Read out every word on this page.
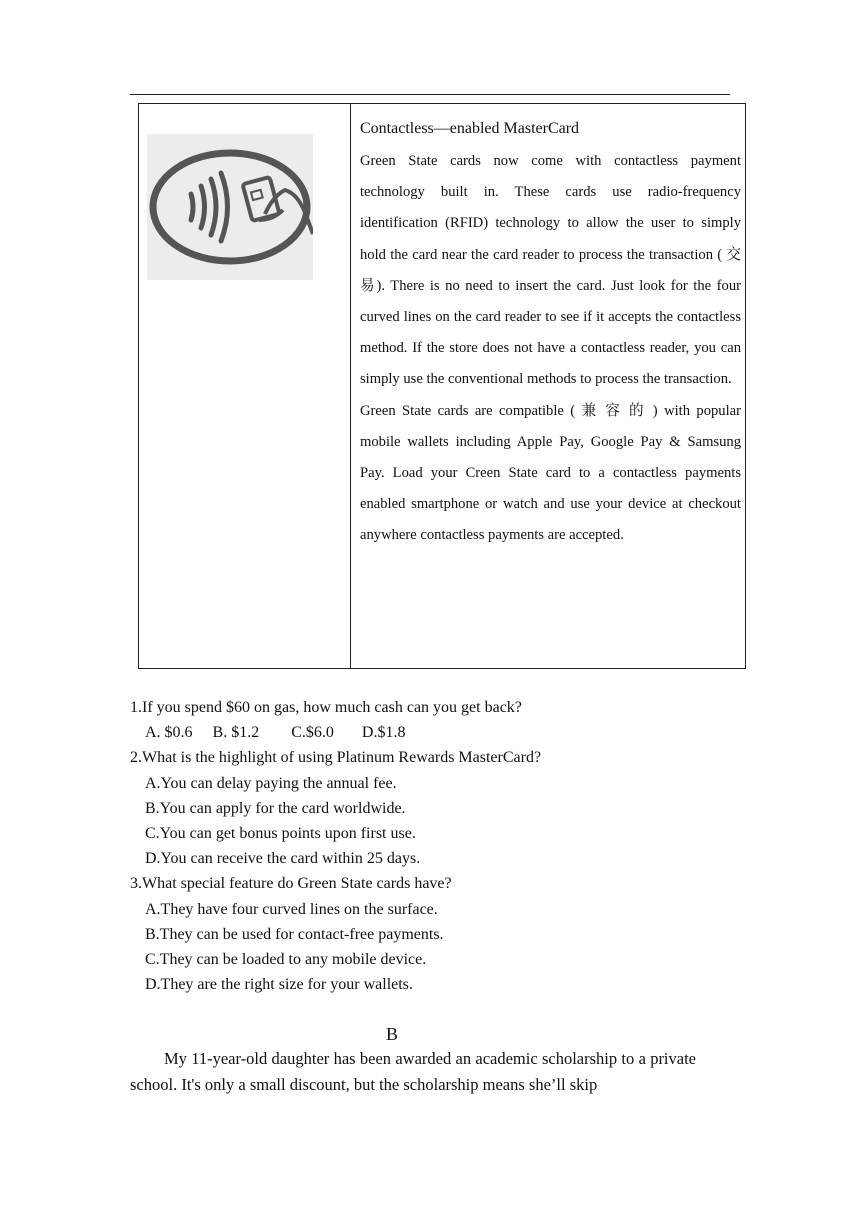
Contactless—enabled MasterCard

Green State cards now come with contactless payment technology built in. These cards use radio-frequency identification (RFID) technology to allow the user to simply hold the card near the card reader to process the transaction ( 交易). There is no need to insert the card. Just look for the four curved lines on the card reader to see if it accepts the contactless method. If the store does not have a contactless reader, you can simply use the conventional methods to process the transaction.

Green State cards are compatible ( 兼 容 的 ) with popular mobile wallets including Apple Pay, Google Pay & Samsung Pay. Load your Creen State card to a contactless payments enabled smartphone or watch and use your device at checkout anywhere contactless payments are accepted.

1.If you spend $60 on gas, how much cash can you get back?

A. $0.6     B. $1.2        C.$6.0       D.$1.8

2.What is the highlight of using Platinum Rewards MasterCard?

A.You can delay paying the annual fee.

B.You can apply for the card worldwide.

C.You can get bonus points upon first use.

D.You can receive the card within 25 days.

3.What special feature do Green State cards have?

A.They have four curved lines on the surface.

B.They can be used for contact-free payments.

C.They can be loaded to any mobile device.

D.They are the right size for your wallets.

B

My 11-year-old daughter has been awarded an academic scholarship to a private school. It's only a small discount, but the scholarship means she’ll skip
